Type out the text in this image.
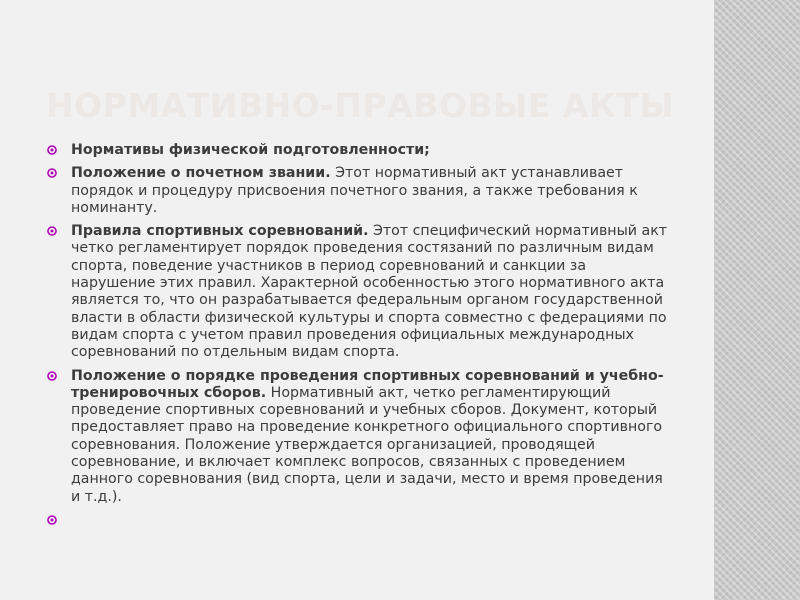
НОРМАТИВНО-ПРАВОВЫЕ АКТЫ
Нормативы физической подготовленности;
Положение о почетном звании. Этот нормативный акт устанавливает порядок и процедуру присвоения почетного звания, а также требования к номинанту.
Правила спортивных соревнований. Этот специфический нормативный акт четко регламентирует порядок проведения состязаний по различным видам спорта, поведение участников в период соревнований и санкции за нарушение этих правил. Характерной особенностью этого нормативного акта является то, что он разрабатывается федеральным органом государственной власти в области физической культуры и спорта совместно с федерациями по видам спорта с учетом правил проведения официальных международных соревнований по отдельным видам спорта.
Положение о порядке проведения спортивных соревнований и учебно-тренировочных сборов. Нормативный акт, четко регламентирующий проведение спортивных соревнований и учебных сборов. Документ, который предоставляет право на проведение конкретного официального спортивного соревнования. Положение утверждается организацией, проводящей соревнование, и включает комплекс вопросов, связанных с проведением данного соревнования (вид спорта, цели и задачи, место и время проведения и т.д.).
